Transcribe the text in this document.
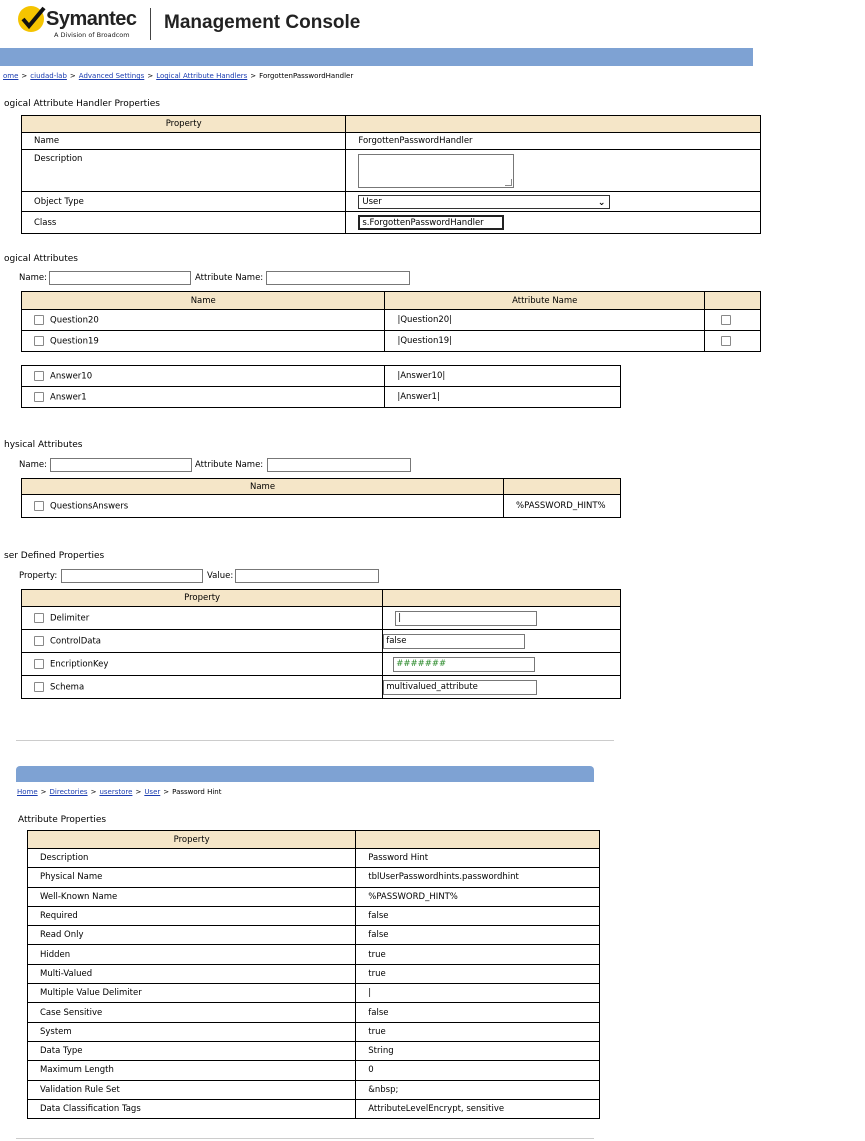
Symantec
A Division of Broadcom
Management Console
ome > ciudad-lab > Advanced Settings > Logical Attribute Handlers > ForgottenPasswordHandler
ogical Attribute Handler Properties
Property	
Name	ForgottenPasswordHandler
Description	

Object Type	User ⌄

Class	s.ForgottenPasswordHandler
ogical Attributes
Name:	Attribute Name:
Name	Attribute Name	
Question20	|Question20|	
Question19	|Question19|	
Answer10	|Answer10|
Answer1	|Answer1|
hysical Attributes
Name:	Attribute Name:
Name	
QuestionsAnswers	%PASSWORD_HINT%
ser Defined Properties
Property:	Value:
Property	
Delimiter	|
ControlData	false
EncriptionKey	#######
Schema	multivalued_attribute
Home > Directories > userstore > User > Password Hint
Attribute Properties
Property	
Description	Password Hint
Physical Name	tblUserPasswordhints.passwordhint
Well-Known Name	%PASSWORD_HINT%
Required	false
Read Only	false
Hidden	true
Multi-Valued	true
Multiple Value Delimiter	|
Case Sensitive	false
System	true
Data Type	String
Maximum Length	0
Validation Rule Set	&nbsp;
Data Classification Tags	AttributeLevelEncrypt, sensitive
